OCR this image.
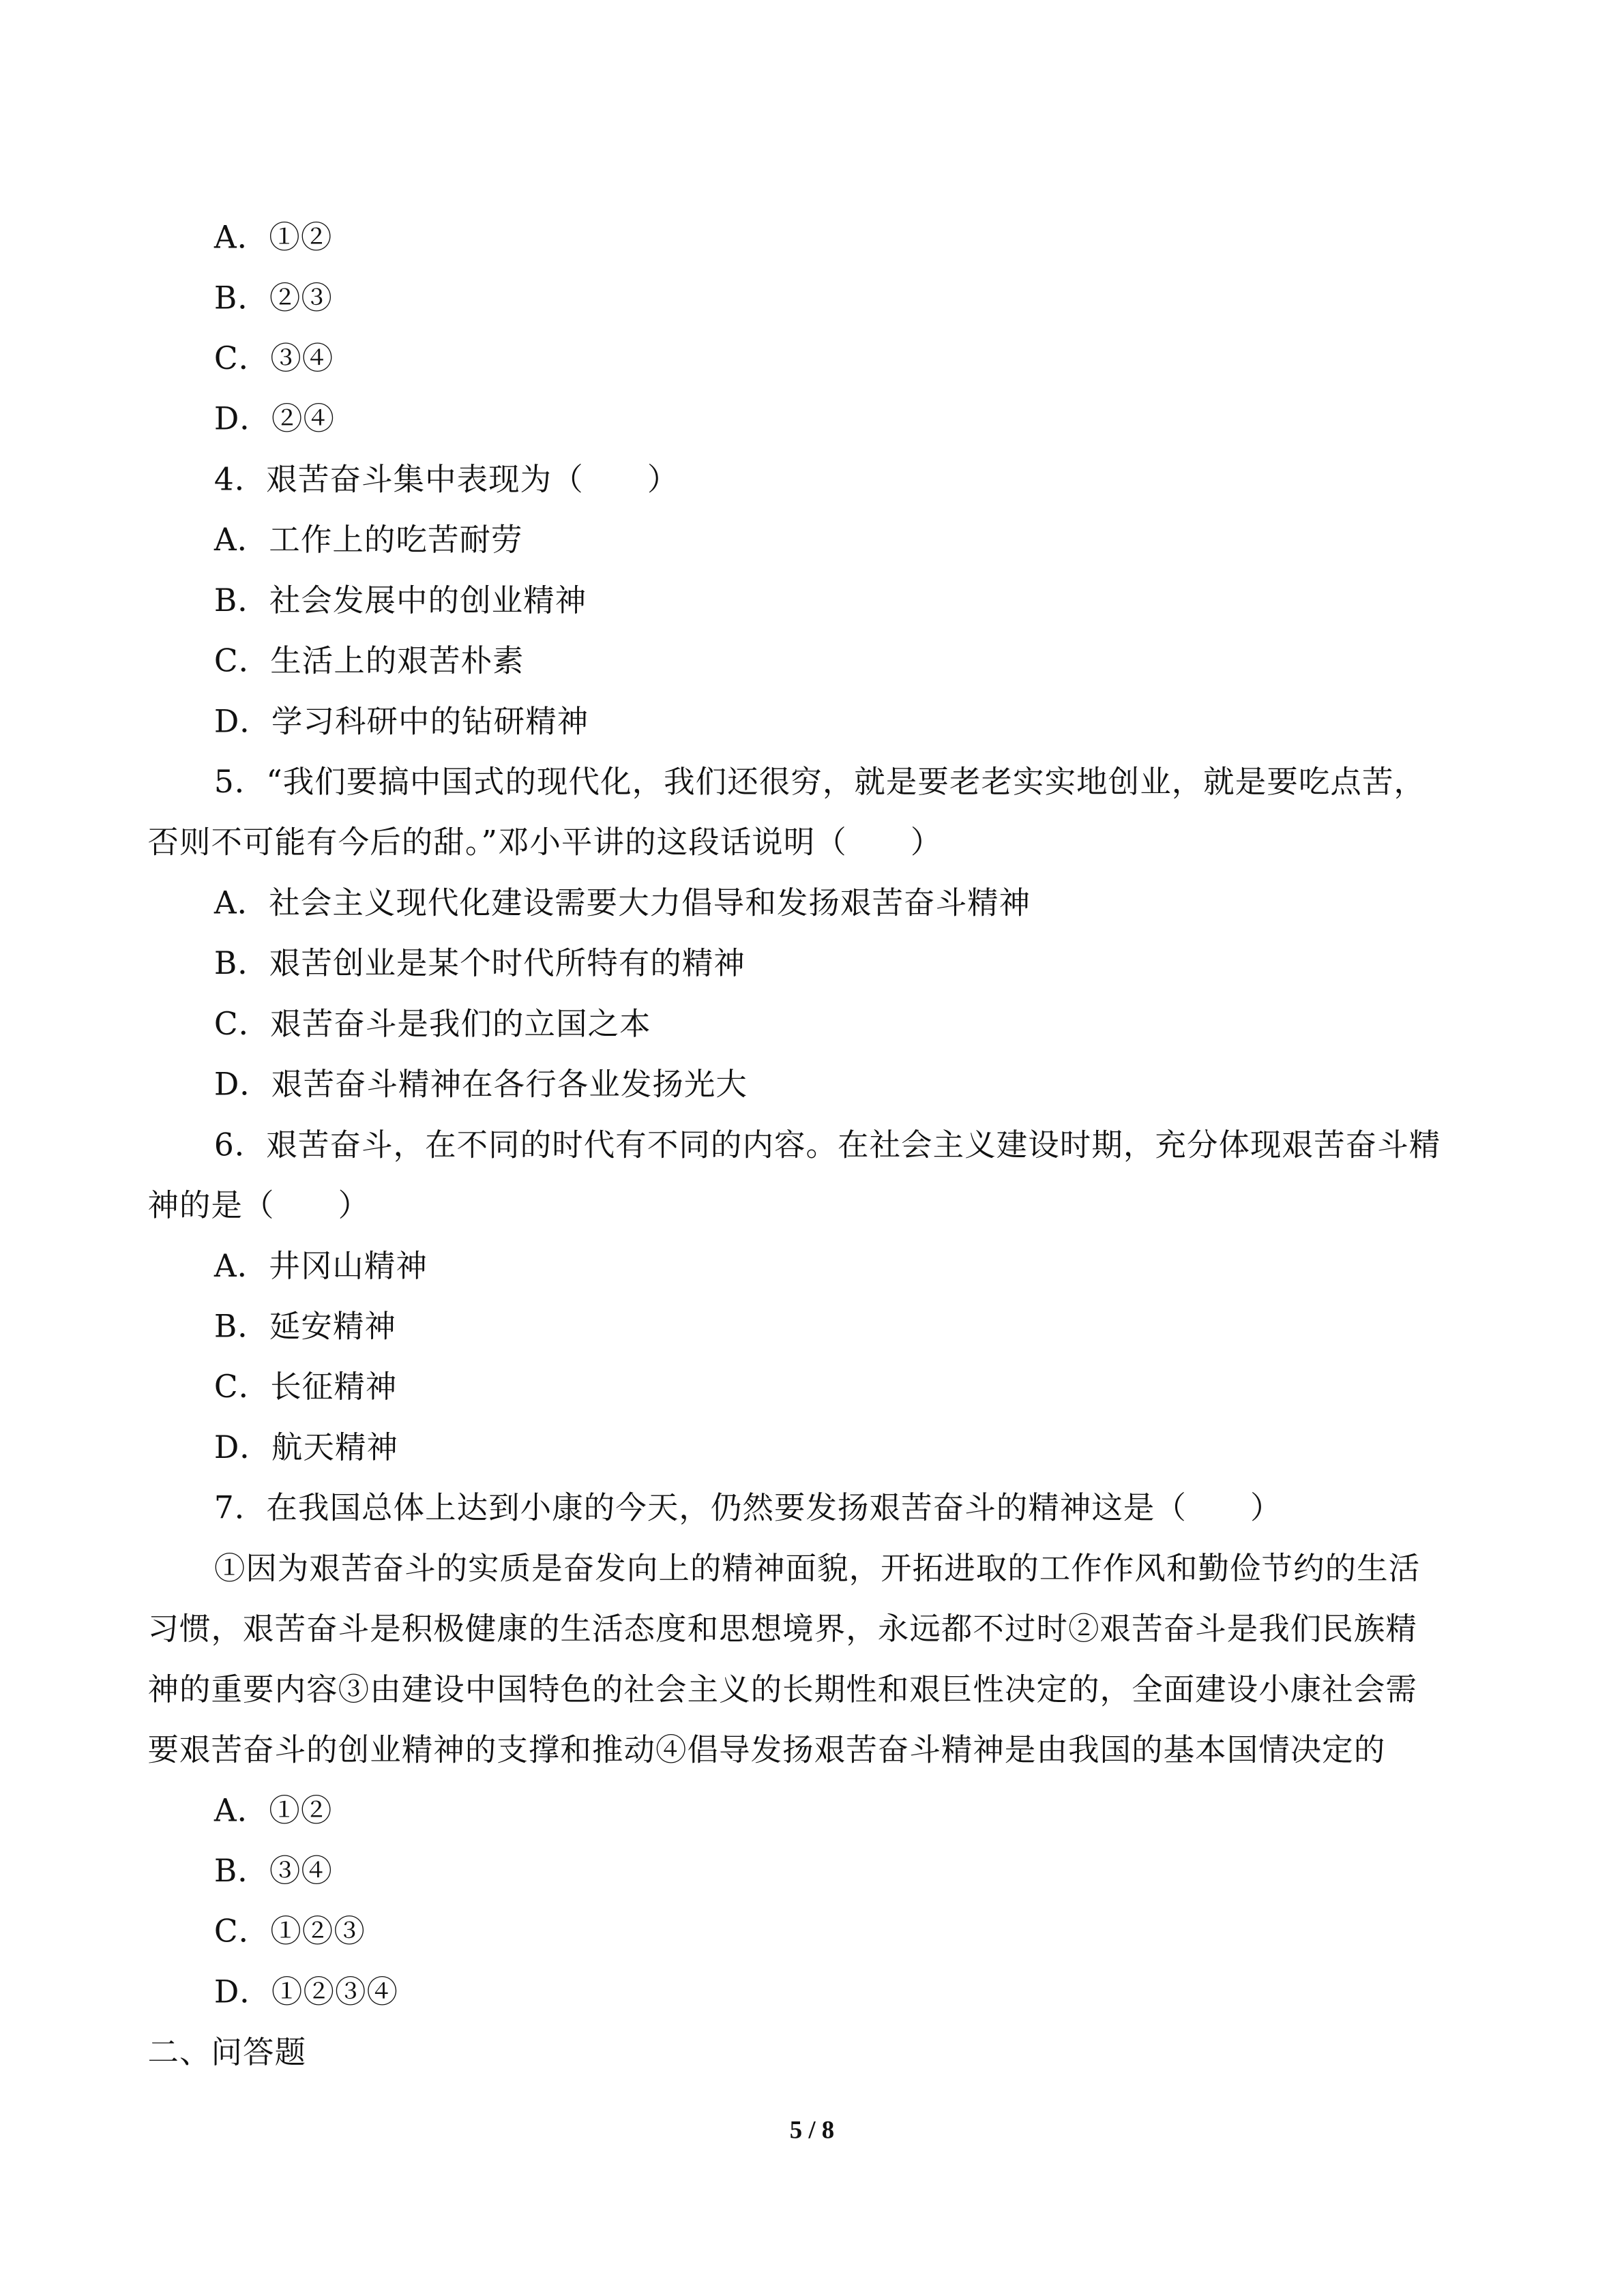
A．①②
B．②③
C．③④
D．②④
4．艰苦奋斗集中表现为（　　）
A．工作上的吃苦耐劳
B．社会发展中的创业精神
C．生活上的艰苦朴素
D．学习科研中的钻研精神
5．“我们要搞中国式的现代化，我们还很穷，就是要老老实实地创业，就是要吃点苦，
否则不可能有今后的甜。”邓小平讲的这段话说明（　　）
A．社会主义现代化建设需要大力倡导和发扬艰苦奋斗精神
B．艰苦创业是某个时代所特有的精神
C．艰苦奋斗是我们的立国之本
D．艰苦奋斗精神在各行各业发扬光大
6．艰苦奋斗，在不同的时代有不同的内容。在社会主义建设时期，充分体现艰苦奋斗精
神的是（　　）
A．井冈山精神
B．延安精神
C．长征精神
D．航天精神
7．在我国总体上达到小康的今天，仍然要发扬艰苦奋斗的精神这是（　　）
①因为艰苦奋斗的实质是奋发向上的精神面貌，开拓进取的工作作风和勤俭节约的生活
习惯，艰苦奋斗是积极健康的生活态度和思想境界，永远都不过时②艰苦奋斗是我们民族精
神的重要内容③由建设中国特色的社会主义的长期性和艰巨性决定的，全面建设小康社会需
要艰苦奋斗的创业精神的支撑和推动④倡导发扬艰苦奋斗精神是由我国的基本国情决定的
A．①②
B．③④
C．①②③
D．①②③④
二、问答题
5 / 8
